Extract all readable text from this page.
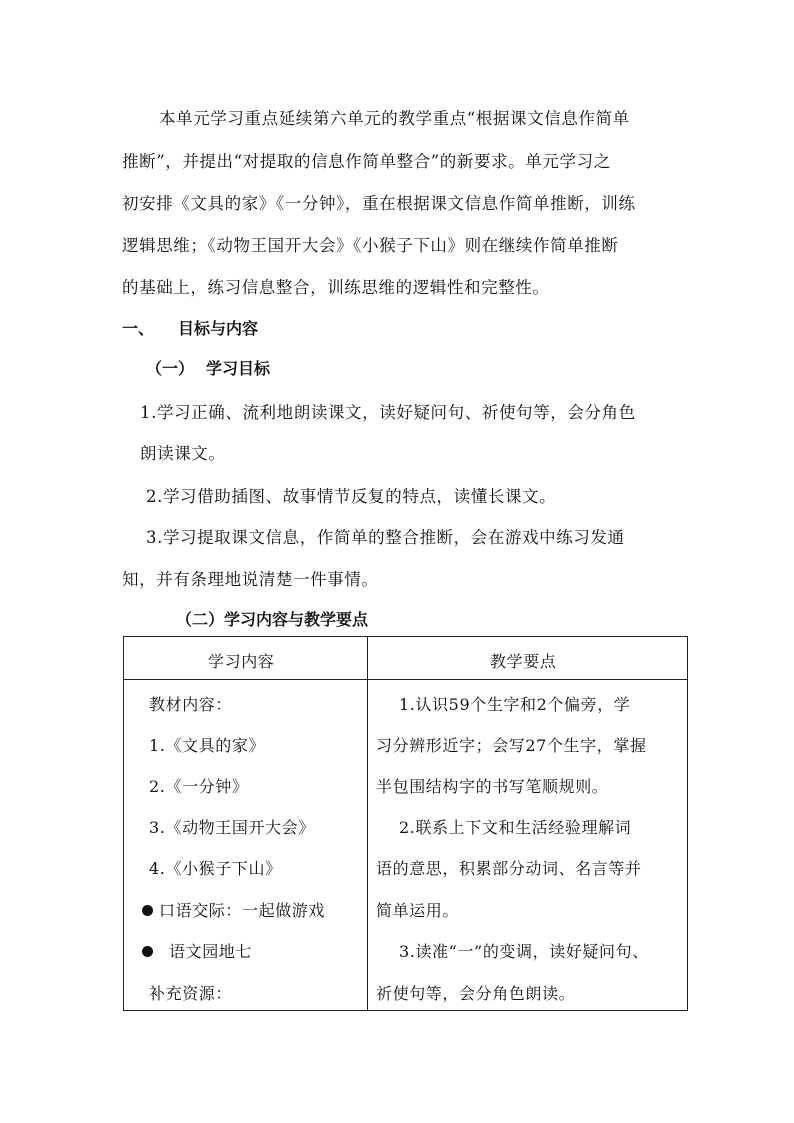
本单元学习重点延续第六单元的教学重点“根据课文信息作简单
推断”，并提出“对提取的信息作简单整合”的新要求。单元学习之
初安排《文具的家》《一分钟》，重在根据课文信息作简单推断，训练
逻辑思维；《动物王国开大会》《小猴子下山》则在继续作简单推断
的基础上，练习信息整合，训练思维的逻辑性和完整性。
一、 目标与内容
（一） 学习目标
1.学习正确、流利地朗读课文，读好疑问句、祈使句等，会分角色
朗读课文。
2.学习借助插图、故事情节反复的特点，读懂长课文。
3.学习提取课文信息，作简单的整合推断，会在游戏中练习发通
知，并有条理地说清楚一件事情。
（二）学习内容与教学要点
学习内容	教学要点
教材内容：
1.《文具的家》
2.《一分钟》
3.《动物王国开大会》
4.《小猴子下山》
口语交际：一起做游戏
语文园地七
补充资源：
1.认识59个生字和2个偏旁，学
习分辨形近字；会写27个生字，掌握
半包围结构字的书写笔顺规则。
2.联系上下文和生活经验理解词
语的意思，积累部分动词、名言等并
简单运用。
3.读准“一”的变调，读好疑问句、
祈使句等，会分角色朗读。
